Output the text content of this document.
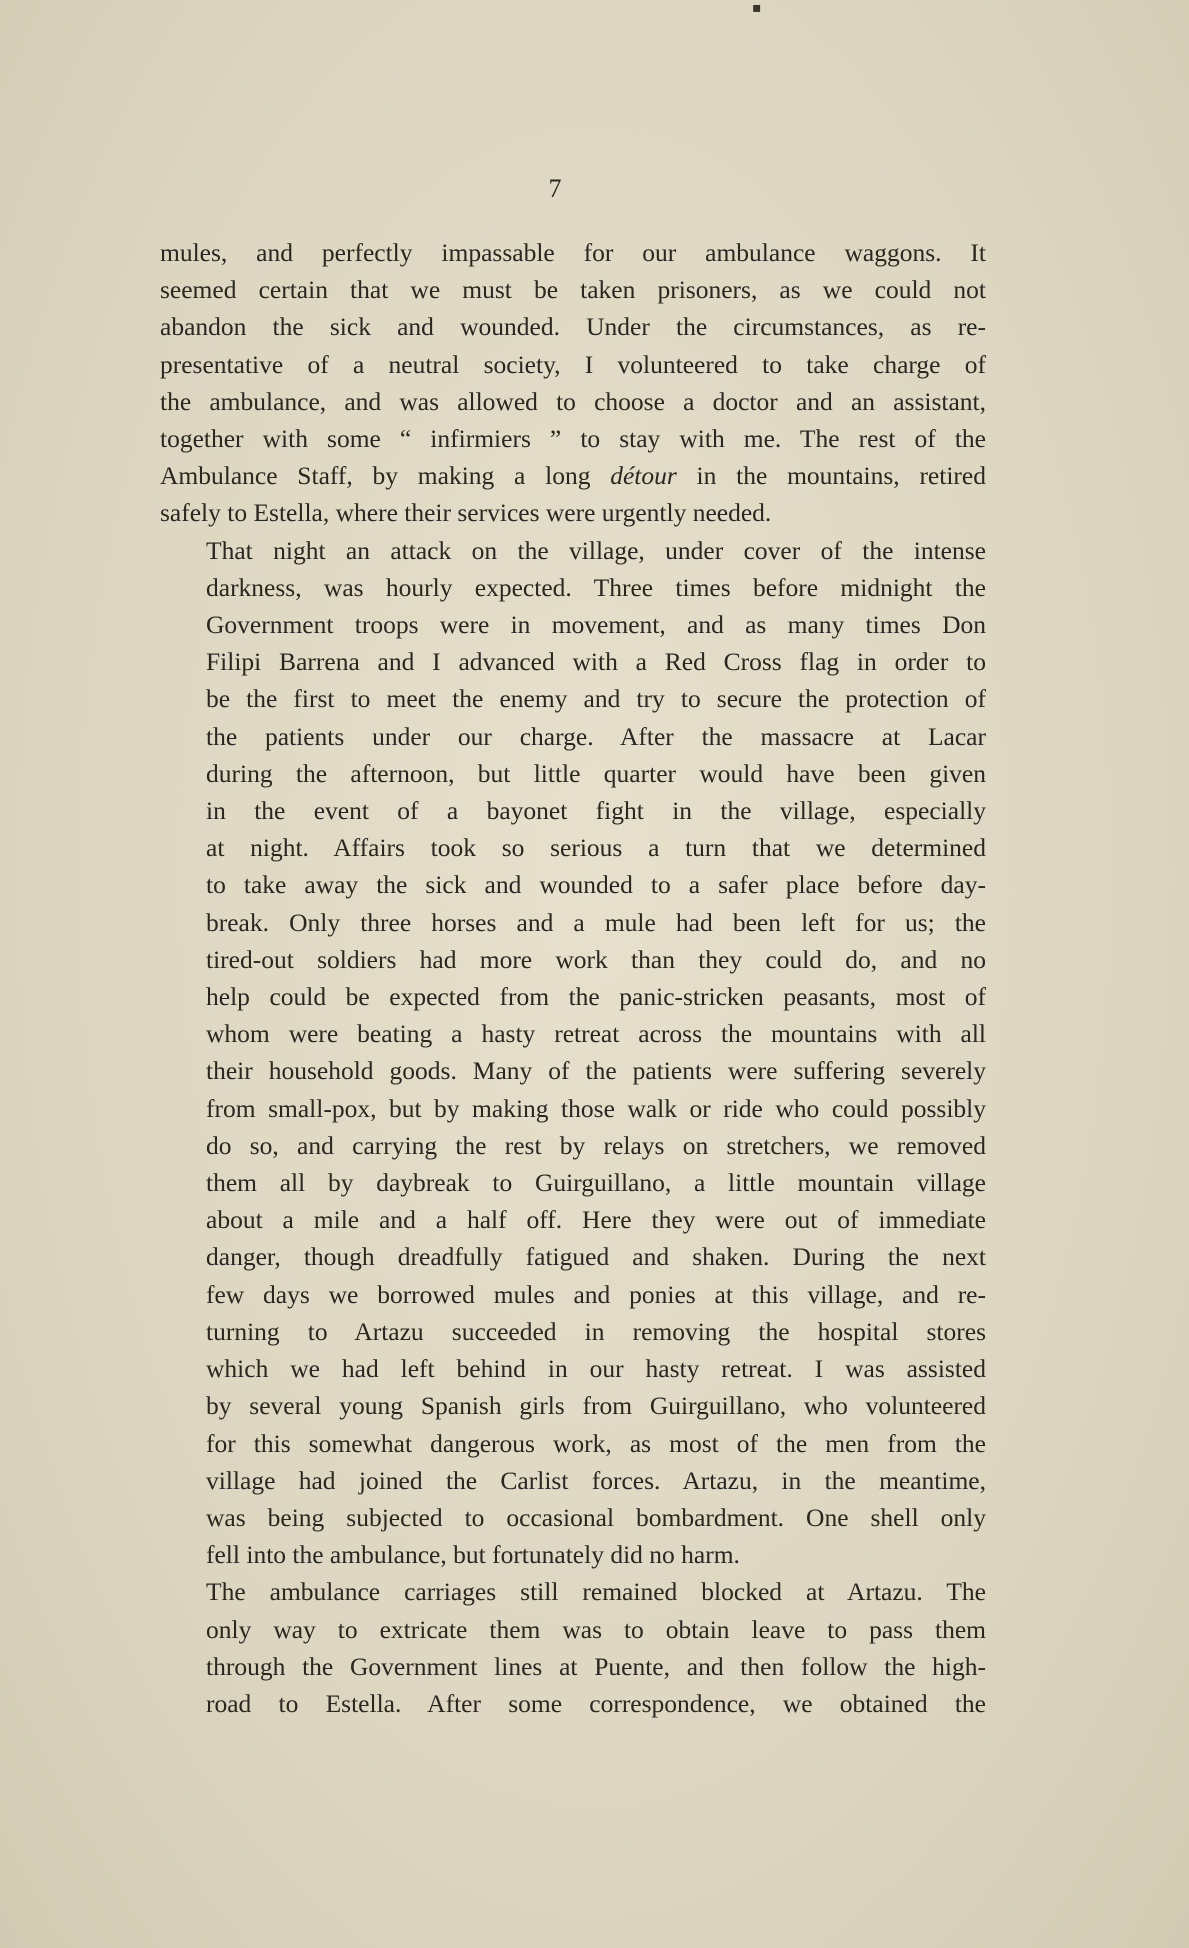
▪
7

mules, and perfectly impassable for our ambulance waggons. It
seemed certain that we must be taken prisoners, as we could not
abandon the sick and wounded. Under the circumstances, as re-
presentative of a neutral society, I volunteered to take charge of
the ambulance, and was allowed to choose a doctor and an assistant,
together with some “ infirmiers ” to stay with me. The rest of the
Ambulance Staff, by making a long détour in the mountains, retired
safely to Estella, where their services were urgently needed.

That night an attack on the village, under cover of the intense
darkness, was hourly expected. Three times before midnight the
Government troops were in movement, and as many times Don
Filipi Barrena and I advanced with a Red Cross flag in order to
be the first to meet the enemy and try to secure the protection of
the patients under our charge. After the massacre at Lacar
during the afternoon, but little quarter would have been given
in the event of a bayonet fight in the village, especially
at night. Affairs took so serious a turn that we determined
to take away the sick and wounded to a safer place before day-
break. Only three horses and a mule had been left for us; the
tired-out soldiers had more work than they could do, and no
help could be expected from the panic-stricken peasants, most of
whom were beating a hasty retreat across the mountains with all
their household goods. Many of the patients were suffering severely
from small-pox, but by making those walk or ride who could possibly
do so, and carrying the rest by relays on stretchers, we removed
them all by daybreak to Guirguillano, a little mountain village
about a mile and a half off. Here they were out of immediate
danger, though dreadfully fatigued and shaken. During the next
few days we borrowed mules and ponies at this village, and re-
turning to Artazu succeeded in removing the hospital stores
which we had left behind in our hasty retreat. I was assisted
by several young Spanish girls from Guirguillano, who volunteered
for this somewhat dangerous work, as most of the men from the
village had joined the Carlist forces. Artazu, in the meantime,
was being subjected to occasional bombardment. One shell only
fell into the ambulance, but fortunately did no harm.

The ambulance carriages still remained blocked at Artazu. The
only way to extricate them was to obtain leave to pass them
through the Government lines at Puente, and then follow the high-
road to Estella. After some correspondence, we obtained the
